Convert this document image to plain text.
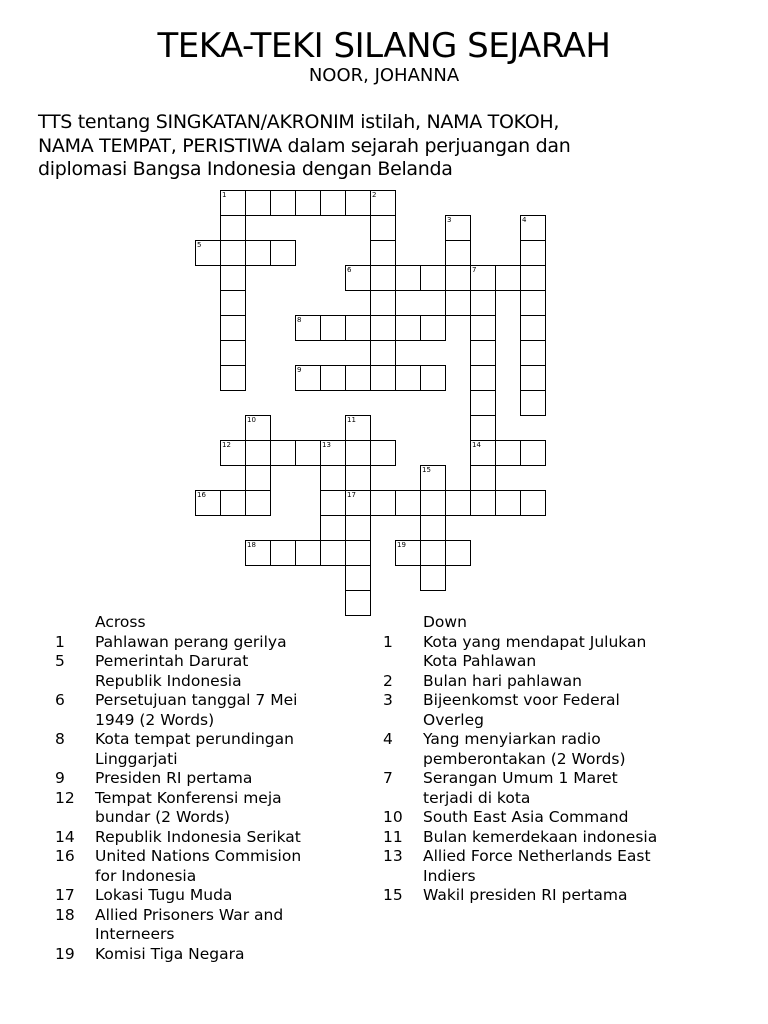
TEKA-TEKI SILANG SEJARAH
NOOR, JOHANNA
TTS tentang SINGKATAN/AKRONIM istilah, NAMA TOKOH,
NAMA TEMPAT, PERISTIWA dalam sejarah perjuangan dan
diplomasi Bangsa Indonesia dengan Belanda
1	2
3	4
5
6	7
8
9
10	11
12	13	14
15
16	17
18	19
Across
1 Pahlawan perang gerilya
5 Pemerintah Darurat
Republik Indonesia
6 Persetujuan tanggal 7 Mei
1949 (2 Words)
8 Kota tempat perundingan
Linggarjati
9 Presiden RI pertama
12 Tempat Konferensi meja
bundar (2 Words)
14 Republik Indonesia Serikat
16 United Nations Commision
for Indonesia
17 Lokasi Tugu Muda
18 Allied Prisoners War and
Interneers
19 Komisi Tiga Negara
Down
1 Kota yang mendapat Julukan
Kota Pahlawan
2 Bulan hari pahlawan
3 Bijeenkomst voor Federal
Overleg
4 Yang menyiarkan radio
pemberontakan (2 Words)
7 Serangan Umum 1 Maret
terjadi di kota
10 South East Asia Command
11 Bulan kemerdekaan indonesia
13 Allied Force Netherlands East
Indiers
15 Wakil presiden RI pertama
